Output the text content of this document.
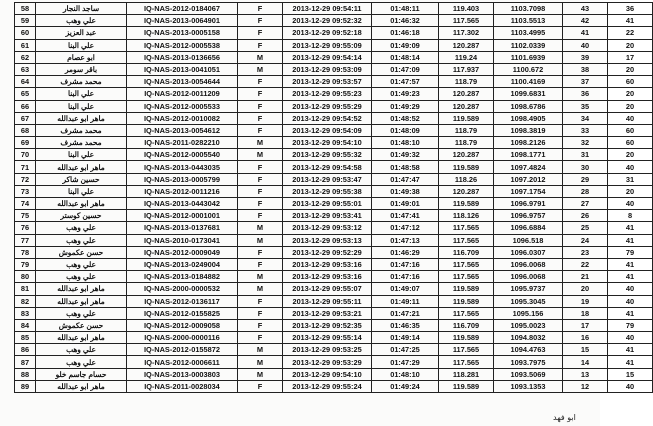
58	ساجد النجار	IQ-NAS-2012-0184067	F	2013-12-29 09:54:11	01:48:11	119.403	1103.7098	43	36
59	علي وهب	IQ-NAS-2013-0064901	F	2013-12-29 09:52:32	01:46:32	117.565	1103.5513	42	41
60	عبد العزيز	IQ-NAS-2013-0005158	F	2013-12-29 09:52:18	01:46:18	117.302	1103.4995	41	22
61	علي البنا	IQ-NAS-2012-0005538	F	2013-12-29 09:55:09	01:49:09	120.287	1102.0339	40	20
62	ابو عصام	IQ-NAS-2013-0136656	M	2013-12-29 09:54:14	01:48:14	119.24	1101.6939	39	17
63	باقر سومر	IQ-NAS-2013-0041051	M	2013-12-29 09:53:09	01:47:09	117.937	1100.672	38	20
64	محمد مشرف	IQ-NAS-2013-0054644	F	2013-12-29 09:53:57	01:47:57	118.79	1100.4169	37	60
65	علي البنا	IQ-NAS-2012-0011209	F	2013-12-29 09:55:23	01:49:23	120.287	1099.6831	36	20
66	علي البنا	IQ-NAS-2012-0005533	F	2013-12-29 09:55:29	01:49:29	120.287	1098.6786	35	20
67	ماهر ابو عبدالله	IQ-NAS-2012-0010082	F	2013-12-29 09:54:52	01:48:52	119.589	1098.4905	34	40
68	محمد مشرف	IQ-NAS-2013-0054612	F	2013-12-29 09:54:09	01:48:09	118.79	1098.3819	33	60
69	محمد مشرف	IQ-NAS-2011-0282210	M	2013-12-29 09:54:10	01:48:10	118.79	1098.2126	32	60
70	علي البنا	IQ-NAS-2012-0005540	M	2013-12-29 09:55:32	01:49:32	120.287	1098.1771	31	20
71	ماهر ابو عبدالله	IQ-NAS-2013-0443035	F	2013-12-29 09:54:58	01:48:58	119.589	1097.4824	30	40
72	حسين شاكر	IQ-NAS-2013-0005799	F	2013-12-29 09:53:47	01:47:47	118.26	1097.2012	29	31
73	علي البنا	IQ-NAS-2012-0011216	F	2013-12-29 09:55:38	01:49:38	120.287	1097.1754	28	20
74	ماهر ابو عبدالله	IQ-NAS-2013-0443042	F	2013-12-29 09:55:01	01:49:01	119.589	1096.9791	27	40
75	حسين كوستر	IQ-NAS-2012-0001001	F	2013-12-29 09:53:41	01:47:41	118.126	1096.9757	26	8
76	علي وهب	IQ-NAS-2013-0137681	M	2013-12-29 09:53:12	01:47:12	117.565	1096.6884	25	41
77	علي وهب	IQ-NAS-2010-0173041	M	2013-12-29 09:53:13	01:47:13	117.565	1096.518	24	41
78	حسن عكموش	IQ-NAS-2012-0009049	F	2013-12-29 09:52:29	01:46:29	116.709	1096.0307	23	79
79	علي وهب	IQ-NAS-2013-0249004	F	2013-12-29 09:53:16	01:47:16	117.565	1096.0068	22	41
80	علي وهب	IQ-NAS-2013-0184882	M	2013-12-29 09:53:16	01:47:16	117.565	1096.0068	21	41
81	ماهر ابو عبدالله	IQ-NAS-2000-0000532	M	2013-12-29 09:55:07	01:49:07	119.589	1095.9737	20	40
82	ماهر ابو عبدالله	IQ-NAS-2012-0136117	F	2013-12-29 09:55:11	01:49:11	119.589	1095.3045	19	40
83	علي وهب	IQ-NAS-2012-0155825	F	2013-12-29 09:53:21	01:47:21	117.565	1095.156	18	41
84	حسن عكموش	IQ-NAS-2012-0009058	F	2013-12-29 09:52:35	01:46:35	116.709	1095.0023	17	79
85	ماهر ابو عبدالله	IQ-NAS-2000-0000116	F	2013-12-29 09:55:14	01:49:14	119.589	1094.8032	16	40
86	علي وهب	IQ-NAS-2012-0155872	M	2013-12-29 09:53:25	01:47:25	117.565	1094.4763	15	41
87	علي وهب	IQ-NAS-2012-0006611	M	2013-12-29 09:53:29	01:47:29	117.565	1093.7975	14	41
88	حسام جاسم خلو	IQ-NAS-2013-0003803	M	2013-12-29 09:54:10	01:48:10	118.281	1093.5069	13	15
89	ماهر ابو عبدالله	IQ-NAS-2011-0028034	F	2013-12-29 09:55:24	01:49:24	119.589	1093.1353	12	40
ابو فهد
